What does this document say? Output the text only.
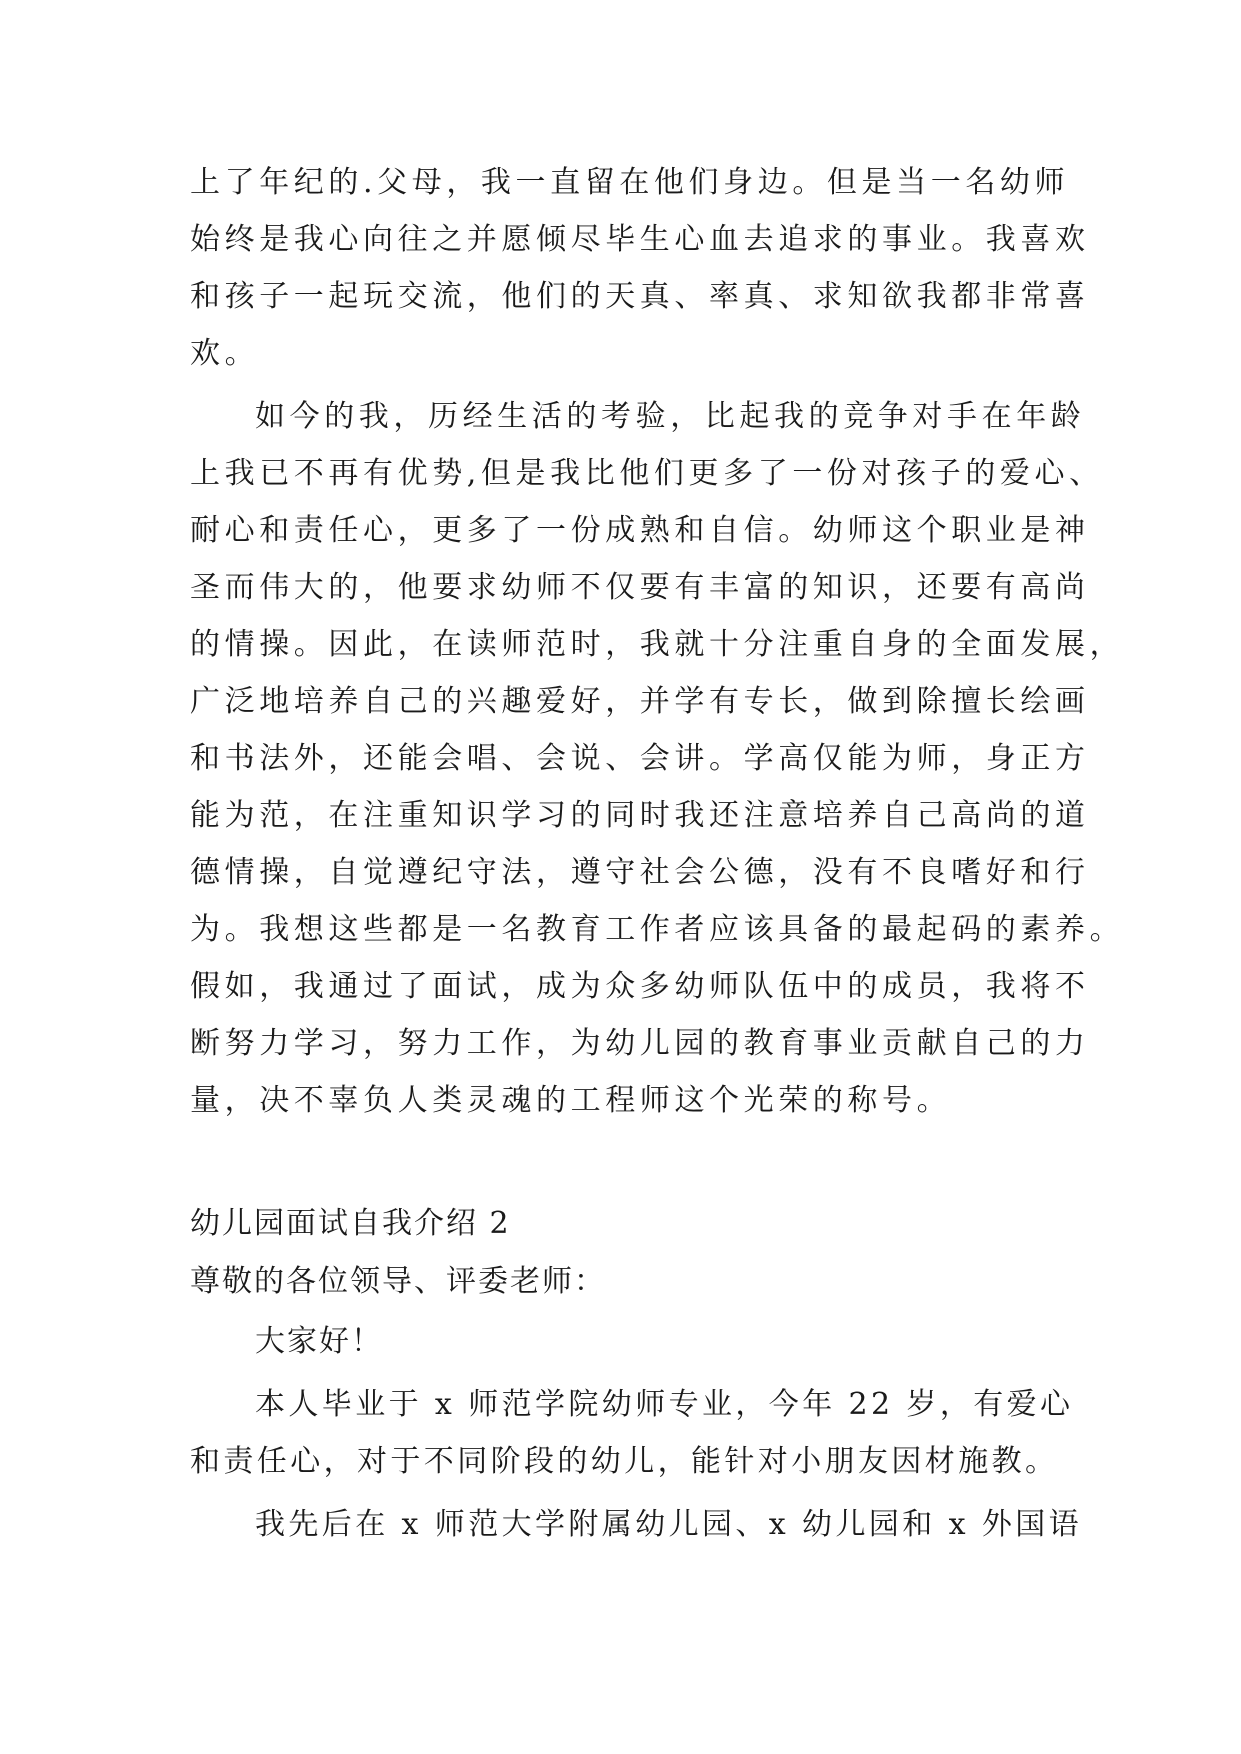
上了年纪的.父母，我一直留在他们身边。但是当一名幼师
始终是我心向往之并愿倾尽毕生心血去追求的事业。我喜欢
和孩子一起玩交流，他们的天真、率真、求知欲我都非常喜
欢。
如今的我，历经生活的考验，比起我的竞争对手在年龄
上我已不再有优势,但是我比他们更多了一份对孩子的爱心、
耐心和责任心，更多了一份成熟和自信。幼师这个职业是神
圣而伟大的，他要求幼师不仅要有丰富的知识，还要有高尚
的情操。因此，在读师范时，我就十分注重自身的全面发展，
广泛地培养自己的兴趣爱好，并学有专长，做到除擅长绘画
和书法外，还能会唱、会说、会讲。学高仅能为师，身正方
能为范，在注重知识学习的同时我还注意培养自己高尚的道
德情操，自觉遵纪守法，遵守社会公德，没有不良嗜好和行
为。我想这些都是一名教育工作者应该具备的最起码的素养。
假如，我通过了面试，成为众多幼师队伍中的成员，我将不
断努力学习，努力工作，为幼儿园的教育事业贡献自己的力
量，决不辜负人类灵魂的工程师这个光荣的称号。
幼儿园面试自我介绍 2
尊敬的各位领导、评委老师：
大家好！
本人毕业于 x 师范学院幼师专业，今年 22 岁，有爱心
和责任心，对于不同阶段的幼儿，能针对小朋友因材施教。
我先后在 x 师范大学附属幼儿园、x 幼儿园和 x 外国语
